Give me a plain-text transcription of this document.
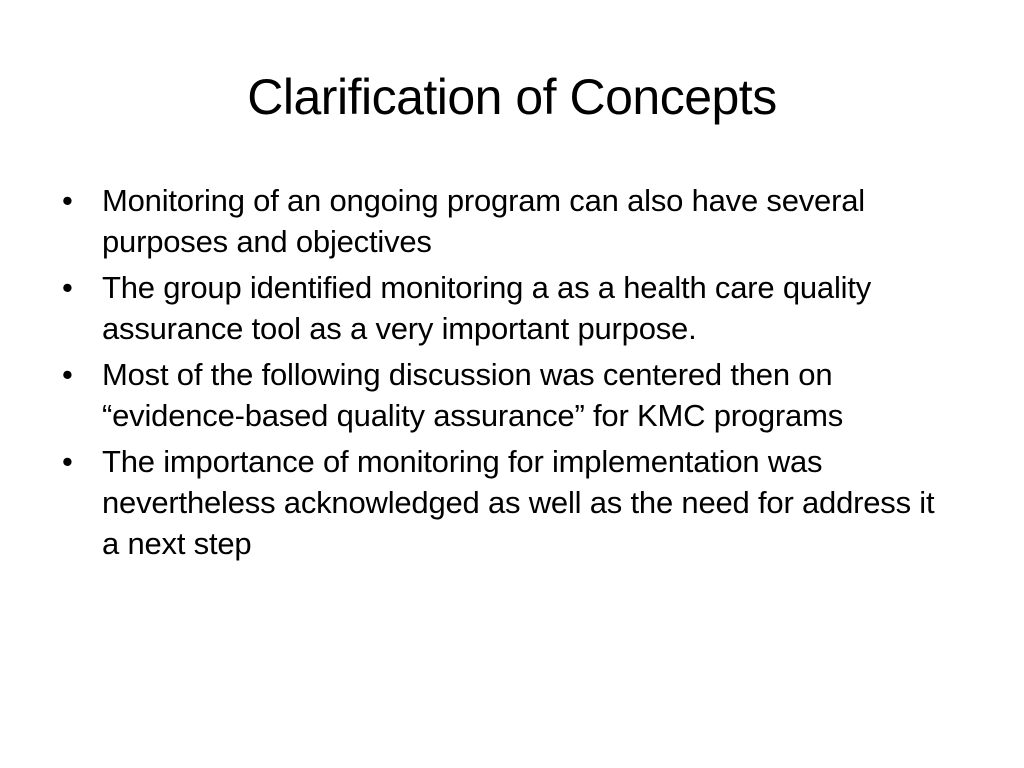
Clarification of Concepts
• Monitoring of an ongoing program can also have several purposes and objectives
• The group identified monitoring a as a health care quality assurance tool as a very important purpose.
• Most of the following discussion was centered then on “evidence-based quality assurance” for KMC programs
• The importance of monitoring for implementation was nevertheless acknowledged as well as the need for address it a next step
